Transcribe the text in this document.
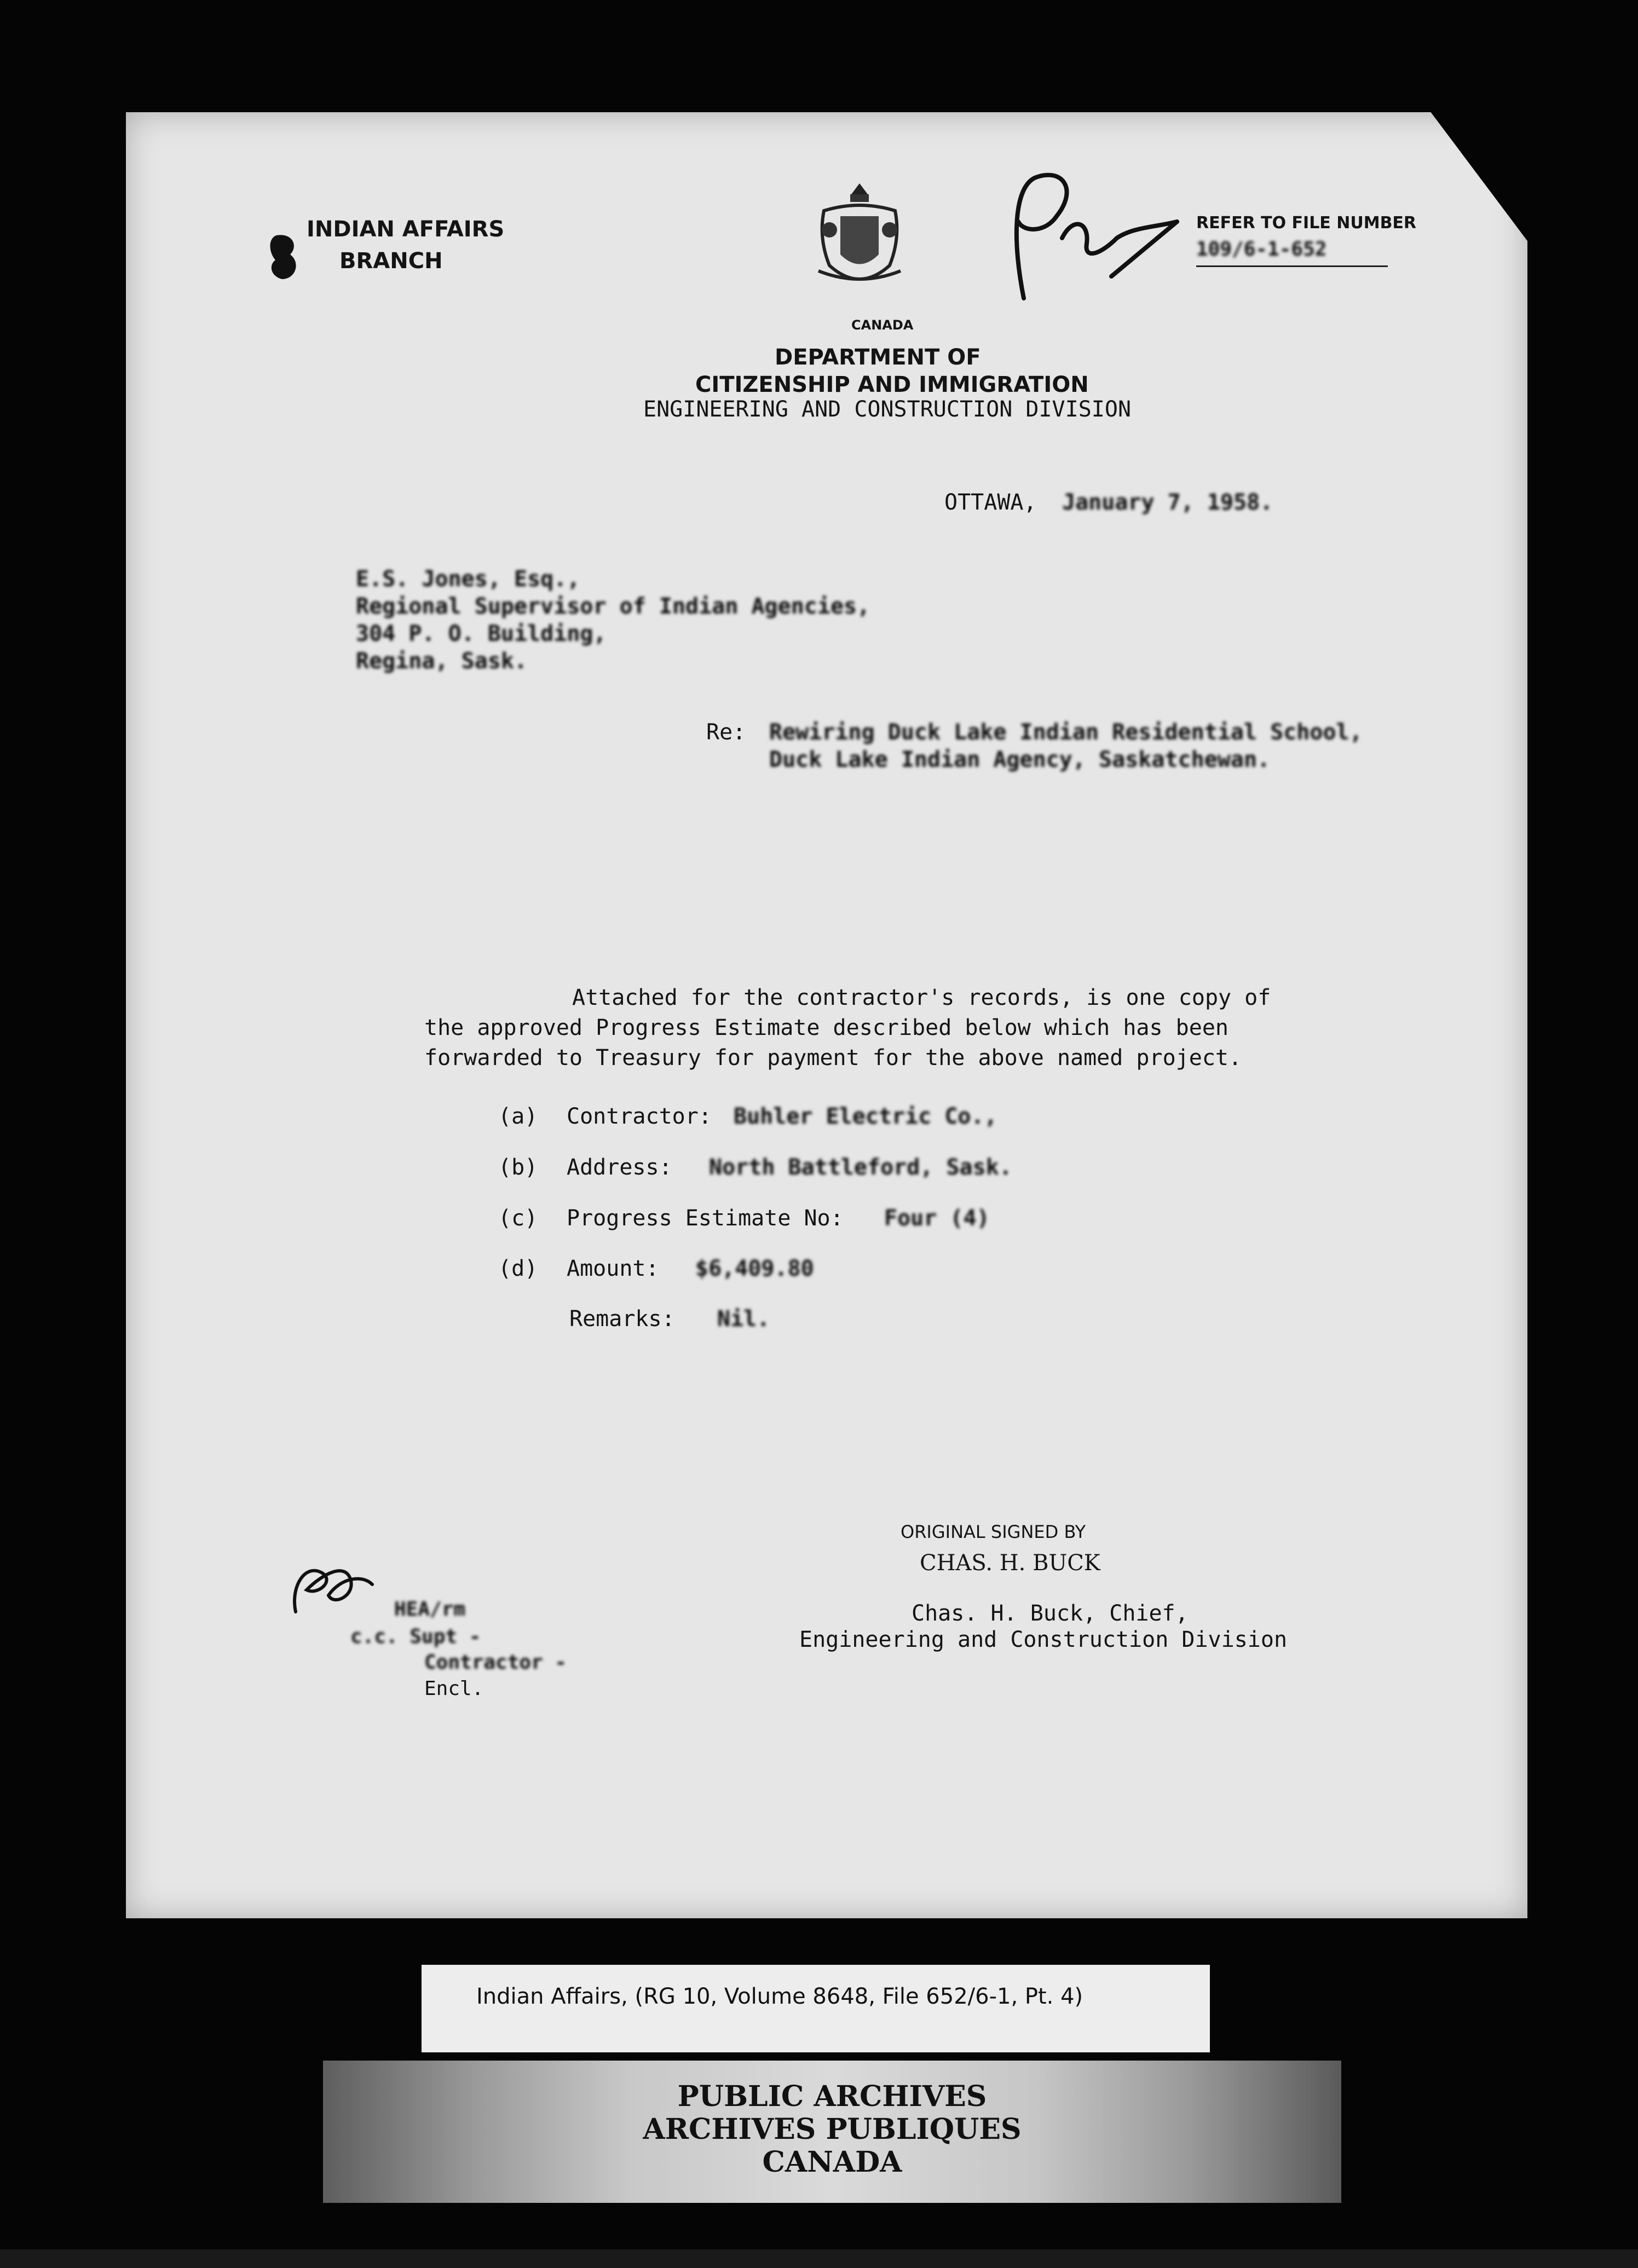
INDIAN AFFAIRS
BRANCH
CANADA
REFER TO FILE NUMBER
109/6-1-652
DEPARTMENT OF
CITIZENSHIP AND IMMIGRATION
ENGINEERING AND CONSTRUCTION DIVISION
OTTAWA, January 7, 1958.
E.S. Jones, Esq.,
Regional Supervisor of Indian Agencies,
304 P. O. Building,
Regina, Sask.
Re: Rewiring Duck Lake Indian Residential School,
Duck Lake Indian Agency, Saskatchewan.
Attached for the contractor's records, is one copy of
the approved Progress Estimate described below which has been
forwarded to Treasury for payment for the above named project.
(a) Contractor: Buhler Electric Co.,
(b) Address: North Battleford, Sask.
(c) Progress Estimate No: Four (4)
(d) Amount: $6,409.80
Remarks: Nil.
ORIGINAL SIGNED BY
CHAS. H. BUCK
Chas. H. Buck, Chief,
Engineering and Construction Division
HEA/rm
c.c. Supt -
Contractor -
Encl.
Indian Affairs, (RG 10, Volume 8648, File 652/6-1, Pt. 4)
PUBLIC ARCHIVES
ARCHIVES PUBLIQUES
CANADA
